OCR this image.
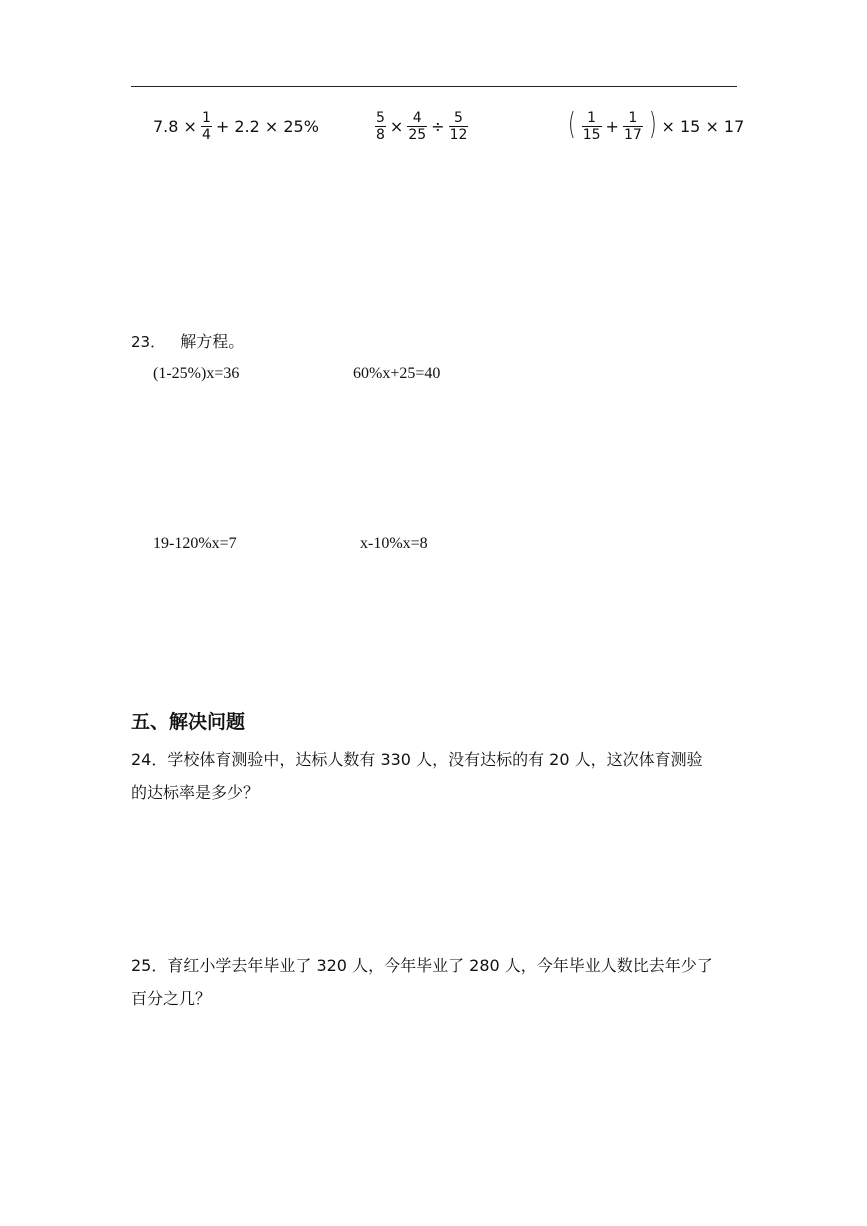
$7.8 \times \frac{1}{4} + 2.2 \times 25\%$	$\frac{5}{8} \times \frac{4}{25} \div \frac{5}{12}$	( $\frac{1}{15} + \frac{1}{17}$ ) × 15 × 17
23． 解方程。
(1-25%)x=36	60%x+25=40
19-120%x=7	x-10%x=8
五、解决问题
24．学校体育测验中，达标人数有 330 人，没有达标的有 20 人，这次体育测验
的达标率是多少？
25．育红小学去年毕业了 320 人，今年毕业了 280 人，今年毕业人数比去年少了
百分之几？
